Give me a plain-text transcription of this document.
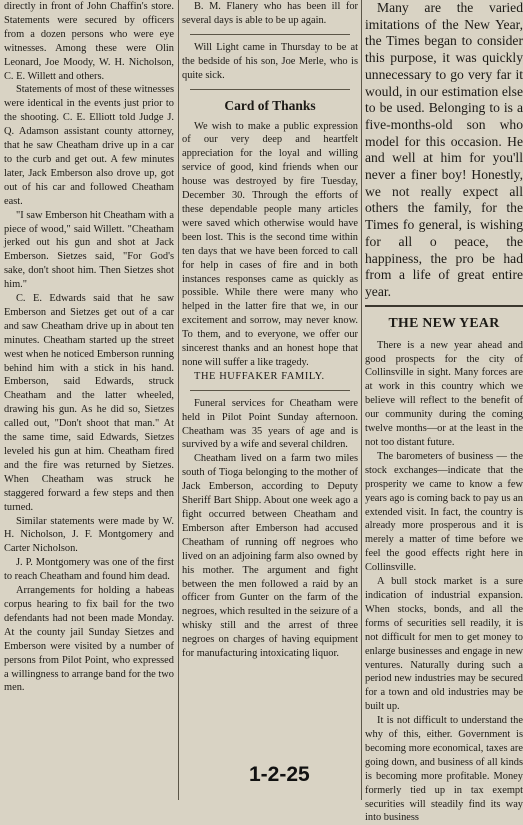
directly in front of John Chaffin's store. Statements were secured by officers from a dozen persons who were eye witnesses. Among these were Olin Leonard, Joe Moody, W. H. Nicholson, C. E. Willett and others.

Statements of most of these witnesses were identical in the events just prior to the shooting. C. E. Elliott told Judge J. Q. Adamson assistant county attorney, that he saw Cheatham drive up in a car to the curb and get out. A few minutes later, Jack Emberson also drove up, got out of his car and followed Cheatham east.

"I saw Emberson hit Cheatham with a piece of wood," said Willett. "Cheatham jerked out his gun and shot at Jack Emberson. Sietzes said, "For God's sake, don't shoot him. Then Sietzes shot him."

C. E. Edwards said that he saw Emberson and Sietzes get out of a car and saw Cheatham drive up in about ten minutes. Cheatham started up the street west when he noticed Emberson running behind him with a stick in his hand. Emberson, said Edwards, struck Cheatham and the latter wheeled, drawing his gun. As he did so, Sietzes called out, "Don't shoot that man." At the same time, said Edwards, Sietzes leveled his gun at him. Cheatham fired and the fire was returned by Sietzes. When Cheatham was struck he staggered forward a few steps and then turned.

Similar statements were made by W. H. Nicholson, J. F. Montgomery and Carter Nicholson.

J. P. Montgomery was one of the first to reach Cheatham and found him dead.

Arrangements for holding a habeas corpus hearing to fix bail for the two defendants had not been made Monday. At the county jail Sunday Sietzes and Emberson were visited by a number of persons from Pilot Point, who expressed a willingness to arrange band for the two men.

B. M. Flanery who has been ill for several days is able to be up again.

Will Light came in Thursday to be at the bedside of his son, Joe Merle, who is quite sick.

Card of Thanks

We wish to make a public expression of our very deep and heartfelt appreciation for the loyal and willing service of good, kind friends when our house was destroyed by fire Tuesday, December 30. Through the efforts of these dependable people many articles were saved which otherwise would have been lost. This is the second time within ten days that we have been forced to call for help in cases of fire and in both instances responses came as quickly as possible. While there were many who helped in the latter fire that we, in our excitement and sorrow, may never know. To them, and to everyone, we offer our sincerest thanks and an honest hope that none will suffer a like tragedy.

THE HUFFAKER FAMILY.

Funeral services for Cheatham were held in Pilot Point Sunday afternoon. Cheatham was 35 years of age and is survived by a wife and several children.

Cheatham lived on a farm two miles south of Tioga belonging to the mother of Jack Emberson, according to Deputy Sheriff Bart Shipp. About one week ago a fight occurred between Cheatham and Emberson after Emberson had accused Cheatham of running off negroes who lived on an adjoining farm also owned by his mother. The argument and fight between the men followed a raid by an officer from Gunter on the farm of the negroes, which resulted in the seizure of a whisky still and the arrest of three negroes on charges of having equipment for manufacturing intoxicating liquor.

Many are the varied imitations of the New Year, the Times began to consider this purpose, it was quickly unnecessary to go very far it would, in our estimation else to be used. Belonging to is a five-months-old son who model for this occasion. He and well at him for you'll never a finer boy! Honestly, we not really expect all others the family, for the Times fo general, is wishing for all o peace, the happiness, the pro be had from a life of great entire year.
THE NEW YEAR

There is a new year ahead and good prospects for the city of Collinsville in sight. Many forces are at work in this country which we believe will reflect to the benefit of our community during the coming twelve months—or at the least in the not too distant future.

The barometers of business — the stock exchanges—indicate that the prosperity we came to know a few years ago is coming back to pay us an extended visit. In fact, the country is already more prosperous and it is merely a matter of time before we feel the good effects right here in Collinsville.

A bull stock market is a sure indication of industrial expansion. When stocks, bonds, and all the forms of securities sell readily, it is not difficult for men to get money to enlarge businesses and engage in new ventures. Naturally during such a period new industries may be secured for a town and old industries may be built up.

It is not difficult to understand the why of this, either. Government is becoming more economical, taxes are going down, and business of all kinds is becoming more profitable. Money formerly tied up in tax exempt securities will steadily find its way into business

1-2-25
